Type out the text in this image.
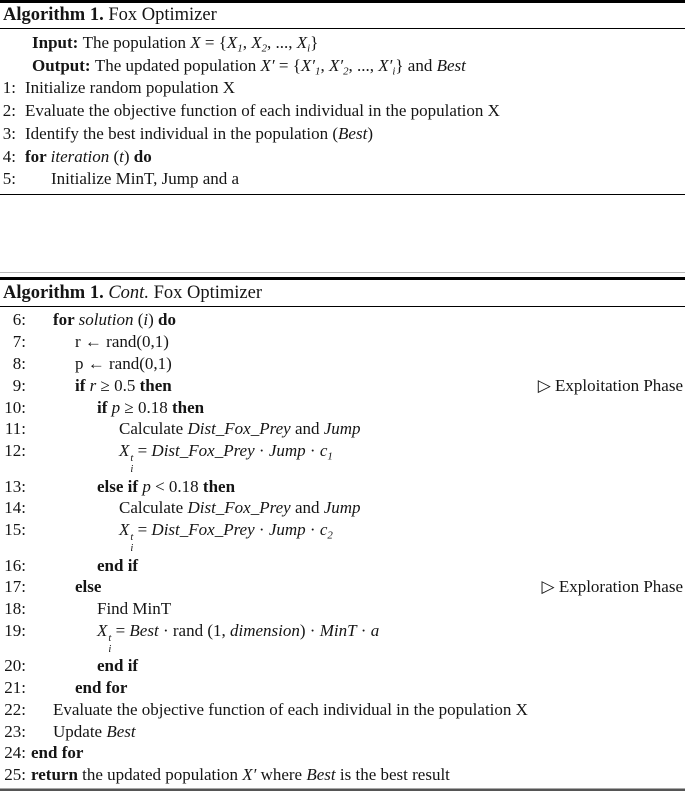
Algorithm 1. Fox Optimizer
Input: The population $X = \{X_1$, $X_2$, ..., $X_i$}
Output: The updated population $X' = \{X'_1$, $X'_2$, ..., $X'_i$} and Best
1: Initialize random population X
2: Evaluate the objective function of each individual in the population X
3: Identify the best individual in the population (Best)
4: for iteration (t) do
5:	Initialize MinT, Jump and a
Algorithm 1. Cont. Fox Optimizer
6:	for solution (i) do
7:	r ← rand(0,1)
8:	p ← rand(0,1)
9:	if r ≥ 0.5 then	▷ Exploitation Phase
10:	if p ≥ 0.18 then
11:	Calculate Dist_Fox_Prey and Jump
12:	X t
i
= Dist_Fox_Prey · Jump · $c_1$
13:	else if p < 0.18 then
14:	Calculate Dist_Fox_Prey and Jump
15:	X t
i
= Dist_Fox_Prey · Jump · $c_2$
16:	end if
17:	else	▷ Exploration Phase
18:	Find MinT
19:	X t
i
= Best · rand (1, dimension) · MinT · a
20:	end if
21:	end for
22:	Evaluate the objective function of each individual in the population X
23:	Update Best
24: end for
25: return the updated population X′ where Best is the best result
